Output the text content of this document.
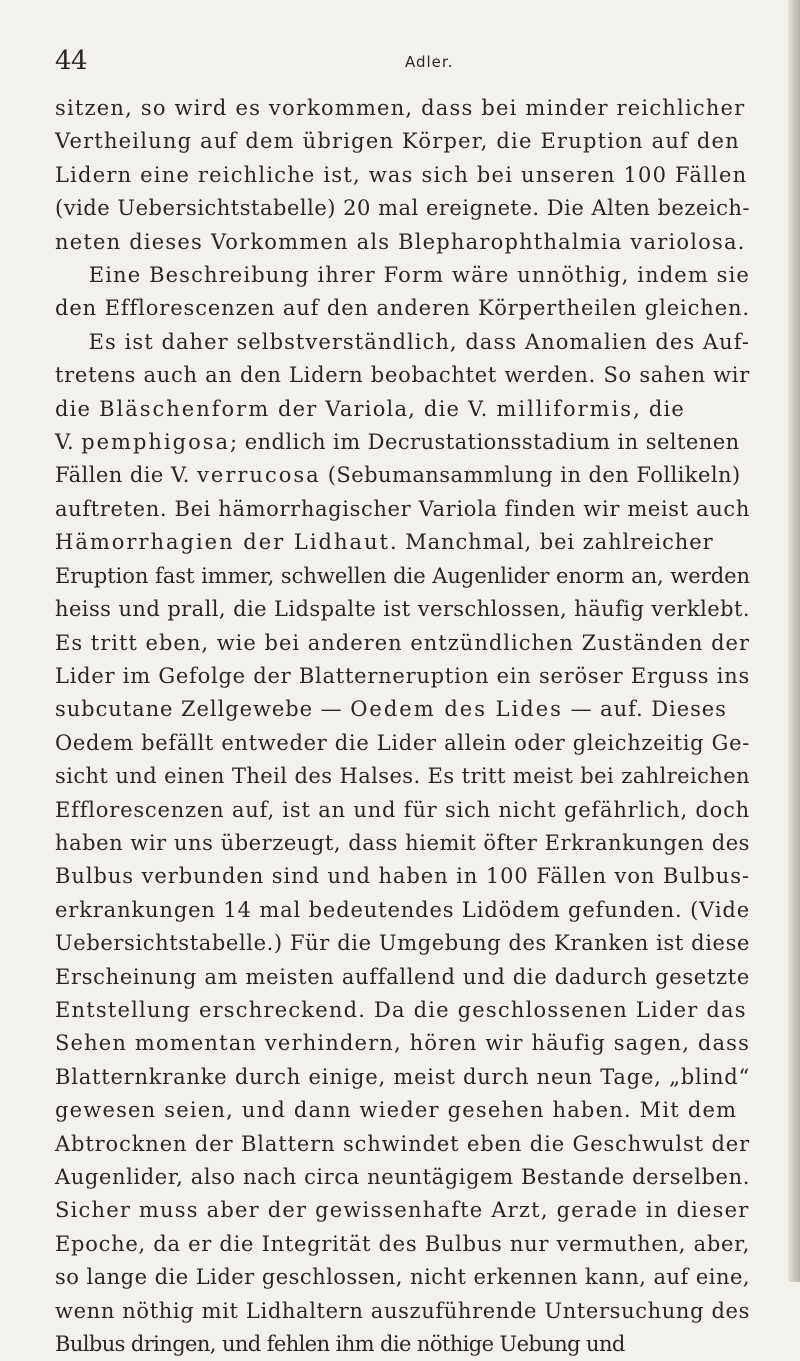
44	Adler.
sitzen, so wird es vorkommen, dass bei minder reichlicher
Vertheilung auf dem übrigen Körper, die Eruption auf den
Lidern eine reichliche ist, was sich bei unseren 100 Fällen
(vide Uebersichtstabelle) 20 mal ereignete. Die Alten bezeich-
neten dieses Vorkommen als Blepharophthalmia variolosa.
  Eine Beschreibung ihrer Form wäre unnöthig, indem sie
den Efflorescenzen auf den anderen Körpertheilen gleichen.
  Es ist daher selbstverständlich, dass Anomalien des Auf-
tretens auch an den Lidern beobachtet werden. So sahen wir
die Bläschenform der Variola, die V. milliformis, die
V. pemphigosa; endlich im Decrustationsstadium in seltenen
Fällen die V. verrucosa (Sebumansammlung in den Follikeln)
auftreten. Bei hämorrhagischer Variola finden wir meist auch
Hämorrhagien der Lidhaut. Manchmal, bei zahlreicher
Eruption fast immer, schwellen die Augenlider enorm an, werden
heiss und prall, die Lidspalte ist verschlossen, häufig verklebt.
Es tritt eben, wie bei anderen entzündlichen Zuständen der
Lider im Gefolge der Blatterneruption ein seröser Erguss ins
subcutane Zellgewebe — Oedem des Lides — auf. Dieses
Oedem befällt entweder die Lider allein oder gleichzeitig Ge-
sicht und einen Theil des Halses. Es tritt meist bei zahlreichen
Efflorescenzen auf, ist an und für sich nicht gefährlich, doch
haben wir uns überzeugt, dass hiemit öfter Erkrankungen des
Bulbus verbunden sind und haben in 100 Fällen von Bulbus-
erkrankungen 14 mal bedeutendes Lidödem gefunden. (Vide
Uebersichtstabelle.) Für die Umgebung des Kranken ist diese
Erscheinung am meisten auffallend und die dadurch gesetzte
Entstellung erschreckend. Da die geschlossenen Lider das
Sehen momentan verhindern, hören wir häufig sagen, dass
Blatternkranke durch einige, meist durch neun Tage, „blind“
gewesen seien, und dann wieder gesehen haben. Mit dem
Abtrocknen der Blattern schwindet eben die Geschwulst der
Augenlider, also nach circa neuntägigem Bestande derselben.
Sicher muss aber der gewissenhafte Arzt, gerade in dieser
Epoche, da er die Integrität des Bulbus nur vermuthen, aber,
so lange die Lider geschlossen, nicht erkennen kann, auf eine,
wenn nöthig mit Lidhaltern auszuführende Untersuchung des
Bulbus dringen, und fehlen ihm die nöthige Uebung und
